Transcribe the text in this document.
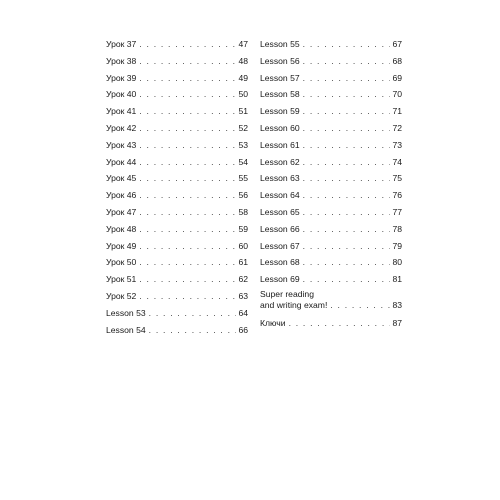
Урок 37 . . .	47
Урок 38 . . .	48
Урок 39 . . .	49
Урок 40 . . .	50
Урок 41 . . .	51
Урок 42 . . .	52
Урок 43 . . .	53
Урок 44 . . .	54
Урок 45 . . .	55
Урок 46 . . .	56
Урок 47 . . .	58
Урок 48 . . .	59
Урок 49 . . .	60
Урок 50 . . .	61
Урок 51 . . .	62
Урок 52 . . .	63
Lesson 53 . . .	64
Lesson 54 . . .	66
Lesson 55 . . .	67
Lesson 56 . . .	68
Lesson 57 . . .	69
Lesson 58 . . .	70
Lesson 59 . . .	71
Lesson 60 . . .	72
Lesson 61 . . .	73
Lesson 62 . . .	74
Lesson 63 . . .	75
Lesson 64 . . .	76
Lesson 65 . . .	77
Lesson 66 . . .	78
Lesson 67 . . .	79
Lesson 68 . . .	80
Lesson 69 . . .	81
Super reading
and writing exam! . . .	83
Ключи . . .	87
